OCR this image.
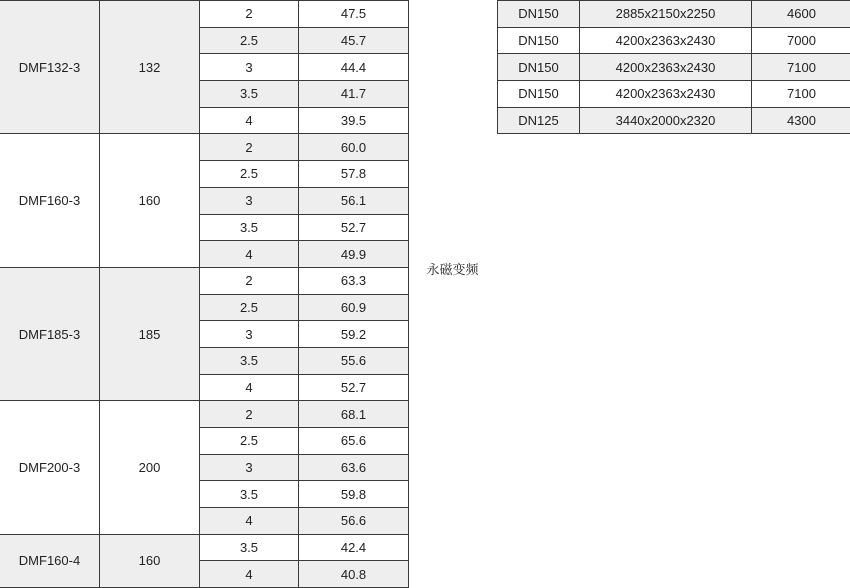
DMF132-3	132	2	47.5
		2.5	45.7
		3	44.4
		3.5	41.7
		4	39.5
DMF160-3	160	2	60.0
		2.5	57.8
		3	56.1
		3.5	52.7
		4	49.9
DMF185-3	185	2	63.3
		2.5	60.9
		3	59.2
		3.5	55.6
		4	52.7
DMF200-3	200	2	68.1
		2.5	65.6
		3	63.6
		3.5	59.8
		4	56.6
DMF160-4	160	3.5	42.4
		4	40.8
永磁变频
DN150	2885x2150x2250	4600

DN150	4200x2363x2430	7000

DN150	4200x2363x2430	7100

DN150	4200x2363x2430	7100

DN125	3440x2000x2320	4300
